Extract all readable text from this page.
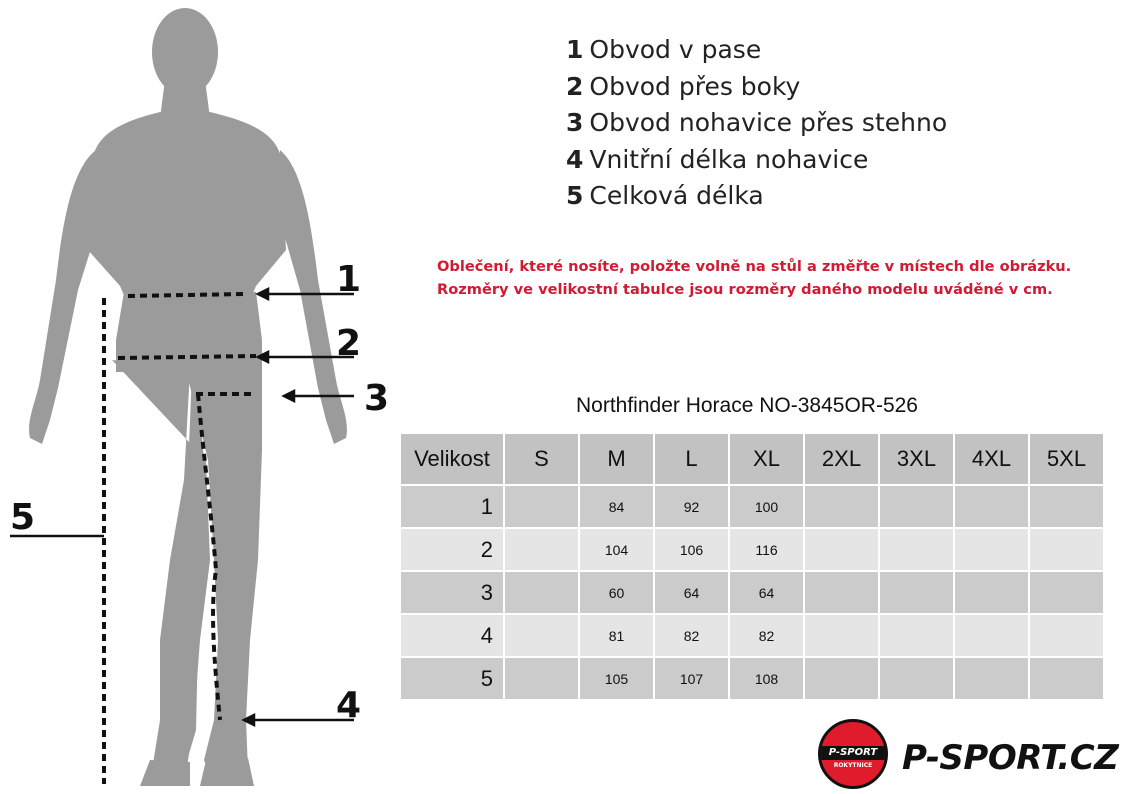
1
2
3
4
5
1 Obvod v pase
2 Obvod přes boky
3 Obvod nohavice přes stehno
4 Vnitřní délka nohavice
5 Celková délka
Oblečení, které nosíte, položte volně na stůl a změřte v místech dle obrázku.
Rozměry ve velikostní tabulce jsou rozměry daného modelu uváděné v cm.
Northfinder Horace NO-3845OR-526
Velikost	S	M	L	XL	2XL	3XL	4XL	5XL
1		84	92	100				
2		104	106	116				
3		60	64	64				
4		81	82	82				
5		105	107	108				
P-SPORT
ROKYTNICE P-SPORT.CZ
